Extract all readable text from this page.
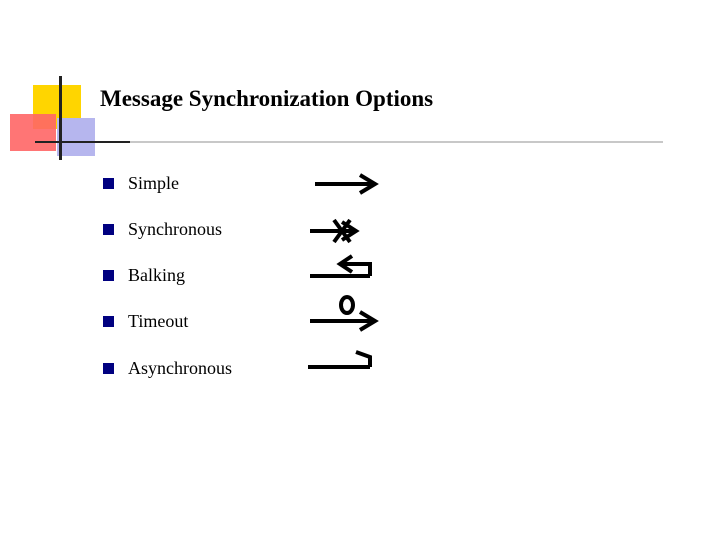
Message Synchronization Options
Simple
Synchronous
Balking
Timeout
Asynchronous
